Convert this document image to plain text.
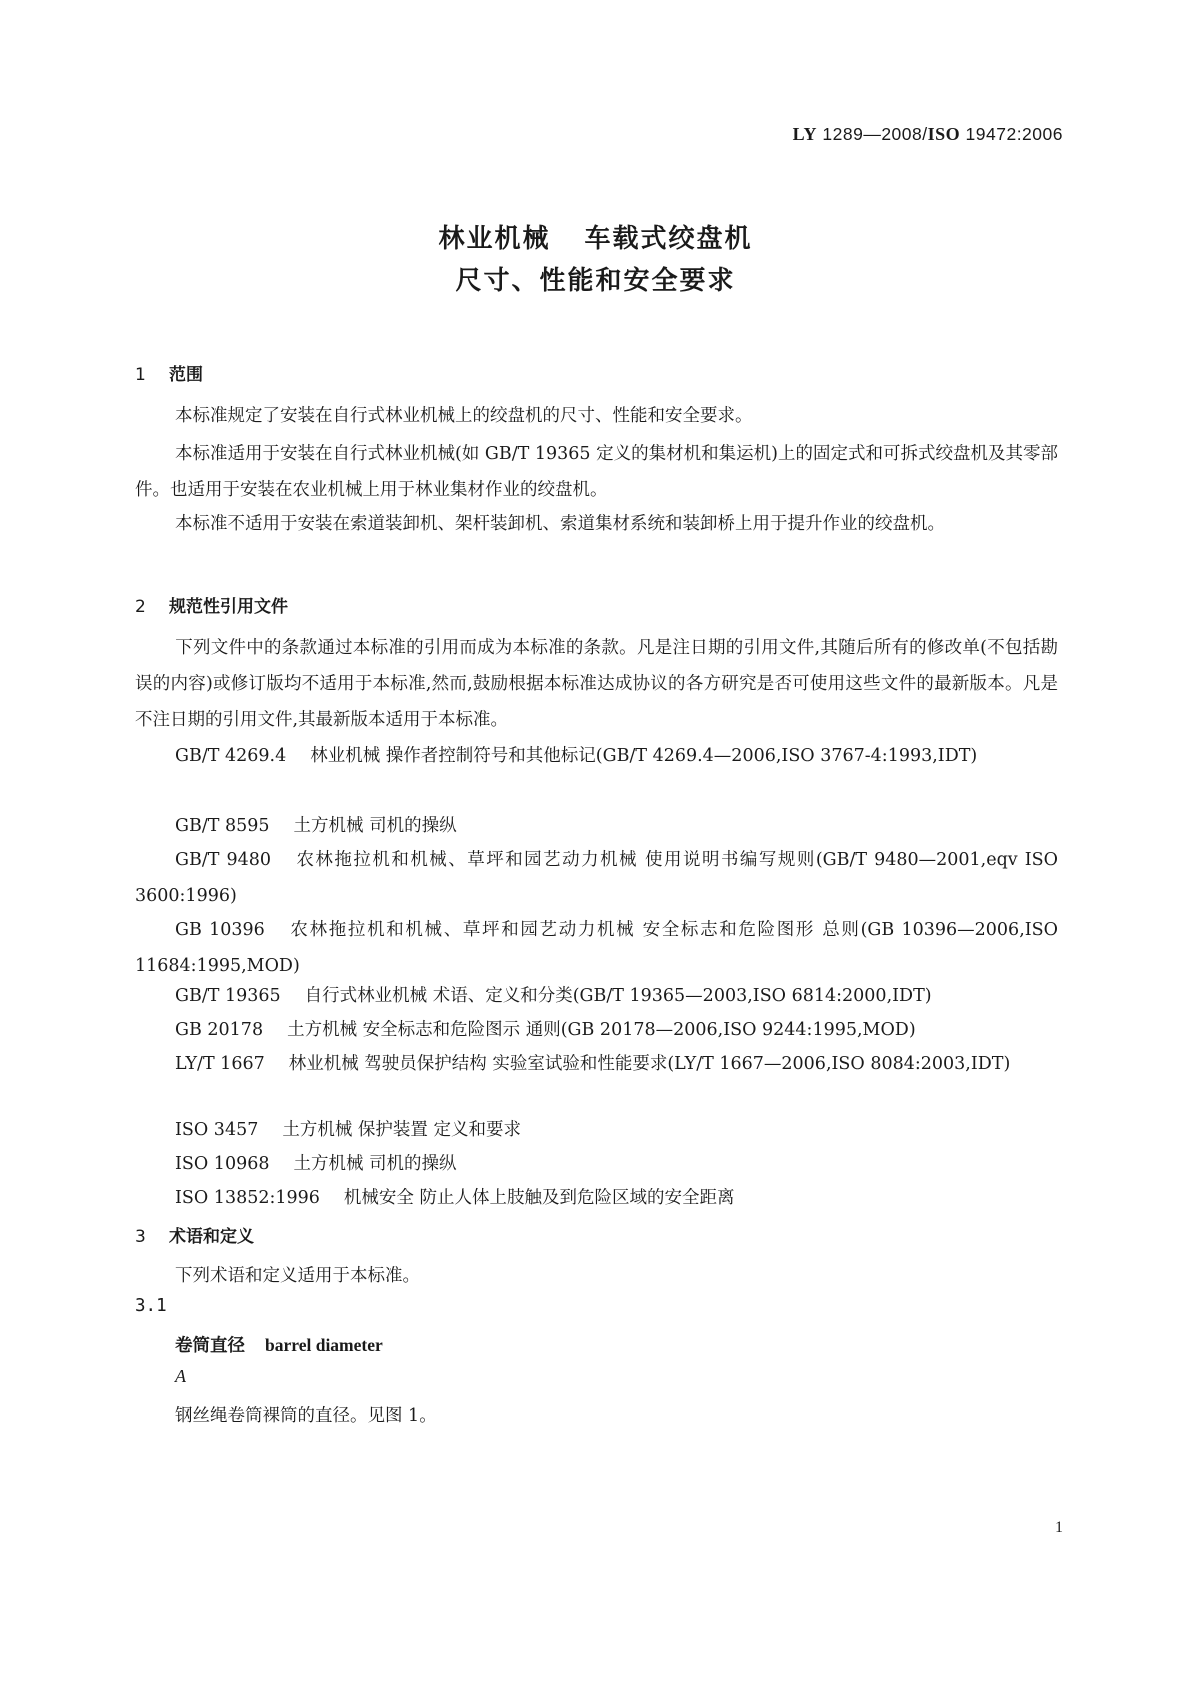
LY 1289—2008/ISO 19472:2006
林业机械 车载式绞盘机
尺寸、性能和安全要求
1 范围
本标准规定了安装在自行式林业机械上的绞盘机的尺寸、性能和安全要求。
本标准适用于安装在自行式林业机械(如 GB/T 19365 定义的集材机和集运机)上的固定式和可拆式绞盘机及其零部件。也适用于安装在农业机械上用于林业集材作业的绞盘机。
本标准不适用于安装在索道装卸机、架杆装卸机、索道集材系统和装卸桥上用于提升作业的绞盘机。
2 规范性引用文件
下列文件中的条款通过本标准的引用而成为本标准的条款。凡是注日期的引用文件,其随后所有的修改单(不包括勘误的内容)或修订版均不适用于本标准,然而,鼓励根据本标准达成协议的各方研究是否可使用这些文件的最新版本。凡是不注日期的引用文件,其最新版本适用于本标准。
GB/T 4269.4 林业机械 操作者控制符号和其他标记(GB/T 4269.4—2006,ISO 3767-4:1993,IDT)
GB/T 8595 土方机械 司机的操纵
GB/T 9480 农林拖拉机和机械、草坪和园艺动力机械 使用说明书编写规则(GB/T 9480—2001,eqv ISO 3600:1996)
GB 10396 农林拖拉机和机械、草坪和园艺动力机械 安全标志和危险图形 总则(GB 10396—2006,ISO 11684:1995,MOD)
GB/T 19365 自行式林业机械 术语、定义和分类(GB/T 19365—2003,ISO 6814:2000,IDT)
GB 20178 土方机械 安全标志和危险图示 通则(GB 20178—2006,ISO 9244:1995,MOD)
LY/T 1667 林业机械 驾驶员保护结构 实验室试验和性能要求(LY/T 1667—2006,ISO 8084:2003,IDT)
ISO 3457 土方机械 保护装置 定义和要求
ISO 10968 土方机械 司机的操纵
ISO 13852:1996 机械安全 防止人体上肢触及到危险区域的安全距离
3 术语和定义
下列术语和定义适用于本标准。
3.1
卷筒直径 barrel diameter
A
钢丝绳卷筒裸筒的直径。见图 1。
1
